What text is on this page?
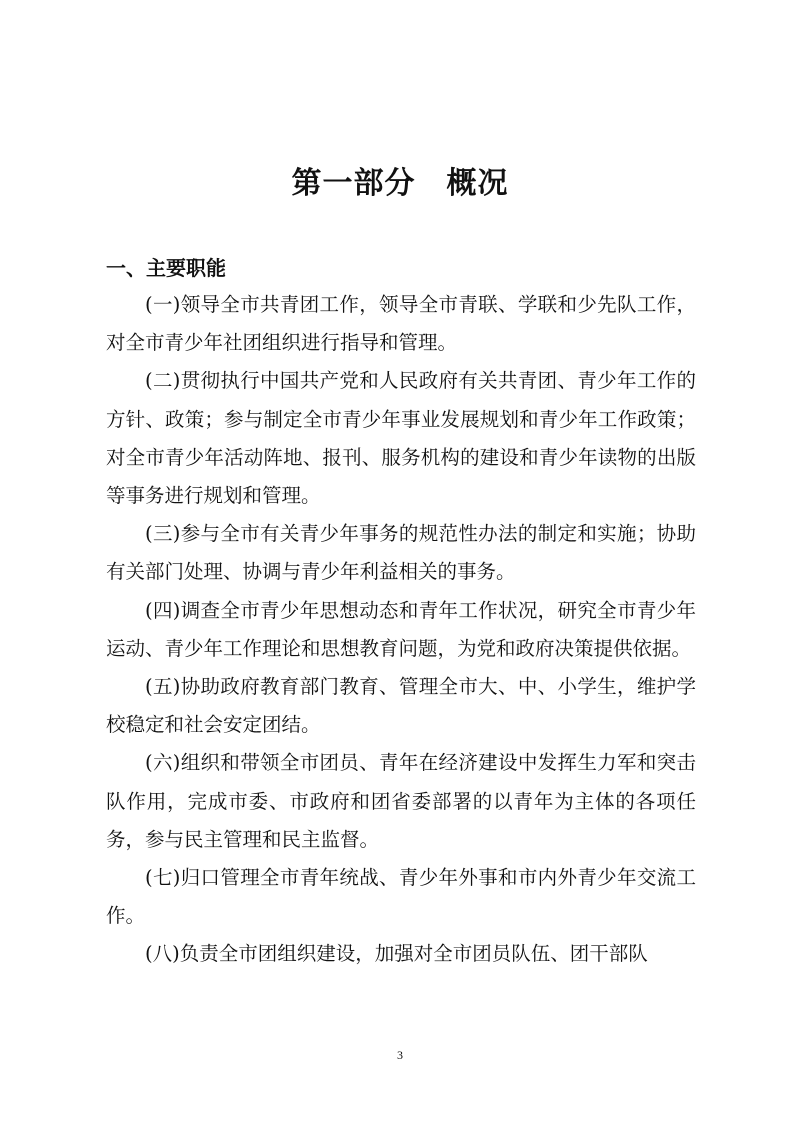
第一部分　概况
一、主要职能

(一)领导全市共青团工作，领导全市青联、学联和少先队工作，对全市青少年社团组织进行指导和管理。

(二)贯彻执行中国共产党和人民政府有关共青团、青少年工作的方针、政策；参与制定全市青少年事业发展规划和青少年工作政策；对全市青少年活动阵地、报刊、服务机构的建设和青少年读物的出版等事务进行规划和管理。

(三)参与全市有关青少年事务的规范性办法的制定和实施；协助有关部门处理、协调与青少年利益相关的事务。

(四)调查全市青少年思想动态和青年工作状况，研究全市青少年运动、青少年工作理论和思想教育问题，为党和政府决策提供依据。

(五)协助政府教育部门教育、管理全市大、中、小学生，维护学校稳定和社会安定团结。

(六)组织和带领全市团员、青年在经济建设中发挥生力军和突击队作用，完成市委、市政府和团省委部署的以青年为主体的各项任务，参与民主管理和民主监督。

(七)归口管理全市青年统战、青少年外事和市内外青少年交流工作。

(八)负责全市团组织建设，加强对全市团员队伍、团干部队

3
